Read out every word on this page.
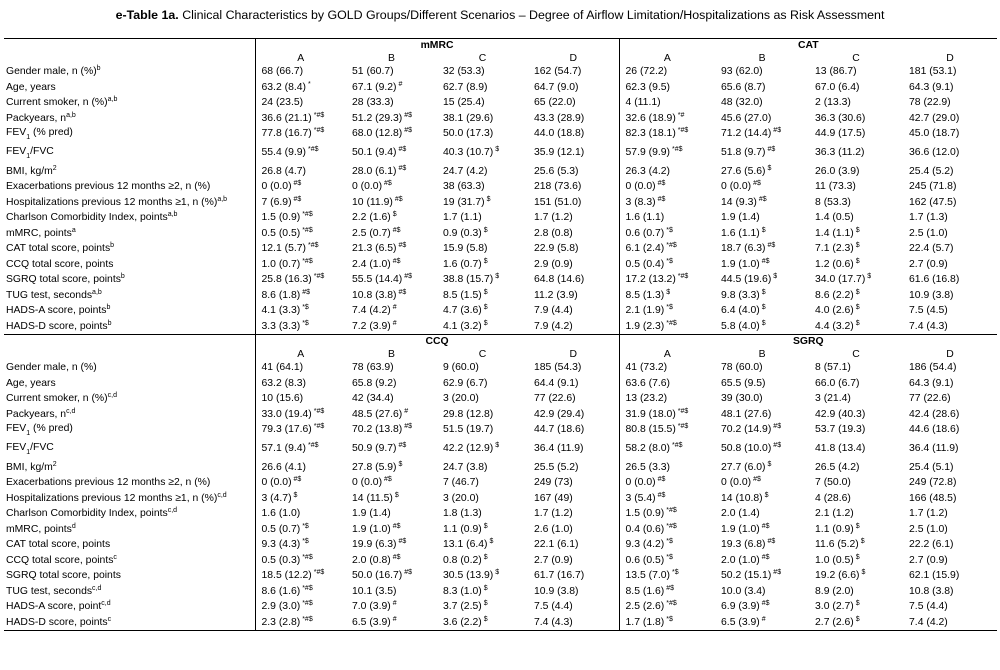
e-Table 1a. Clinical Characteristics by GOLD Groups/Different Scenarios – Degree of Airflow Limitation/Hospitalizations as Risk Assessment
	mMRC				CAT			
	A	B	C	D	A	B	C	D
Gender male, n (%)$^b$	68 (66.7)	51 (60.7)	32 (53.3)	162 (54.7)	26 (72.2)	93 (62.0)	13 (86.7)	181 (53.1)
Age, years	63.2 (8.4) *	67.1 (9.2) #	62.7 (8.9)	64.7 (9.0)	62.3 (9.5)	65.6 (8.7)	67.0 (6.4)	64.3 (9.1)
Current smoker, n (%)$^{a,b}$	24 (23.5)	28 (33.3)	15 (25.4)	65 (22.0)	4 (11.1)	48 (32.0)	2 (13.3)	78 (22.9)
Packyears, $n^{a,b}$	36.6 (21.1) *#$	51.2 (29.3) #$	38.1 (29.6)	43.3 (28.9)	32.6 (18.9) *#	45.6 (27.0)	36.3 (30.6)	42.7 (29.0)
$FEV_1$ (% pred)	77.8 (16.7) *#$	68.0 (12.8) #$	50.0 (17.3)	44.0 (18.8)	82.3 (18.1) *#$	71.2 (14.4) #$	44.9 (17.5)	45.0 (18.7)
$FEV_1$/FVC	55.4 (9.9) *#$	50.1 (9.4) #$	40.3 (10.7) $	35.9 (12.1)	57.9 (9.9) *#$	51.8 (9.7) #$	36.3 (11.2)	36.6 (12.0)
BMI, $kg/m^2$	26.8 (4.7)	28.0 (6.1) #$	24.7 (4.2)	25.6 (5.3)	26.3 (4.2)	27.6 (5.6) $	26.0 (3.9)	25.4 (5.2)
Exacerbations previous 12 months ≥2, n (%)	0 (0.0) #$	0 (0.0) #$	38 (63.3)	218 (73.6)	0 (0.0) #$	0 (0.0) #$	11 (73.3)	245 (71.8)
Hospitalizations previous 12 months ≥1, n (%)$^{a,b}$	7 (6.9) #$	10 (11.9) #$	19 (31.7) $	151 (51.0)	3 (8.3) #$	14 (9.3) #$	8 (53.3)	162 (47.5)
Charlson Comorbidity Index, points$^{a,b}$	1.5 (0.9) *#$	2.2 (1.6) $	1.7 (1.1)	1.7 (1.2)	1.6 (1.1)	1.9 (1.4)	1.4 (0.5)	1.7 (1.3)
mMRC, points$^a$	0.5 (0.5) *#$	2.5 (0.7) #$	0.9 (0.3) $	2.8 (0.8)	0.6 (0.7) *$	1.6 (1.1) $	1.4 (1.1) $	2.5 (1.0)
CAT total score, points$^b$	12.1 (5.7) *#$	21.3 (6.5) #$	15.9 (5.8)	22.9 (5.8)	6.1 (2.4) *#$	18.7 (6.3) #$	7.1 (2.3) $	22.4 (5.7)
CCQ total score, points	1.0 (0.7) *#$	2.4 (1.0) #$	1.6 (0.7) $	2.9 (0.9)	0.5 (0.4) *$	1.9 (1.0) #$	1.2 (0.6) $	2.7 (0.9)
SGRQ total score, points$^b$	25.8 (16.3) *#$	55.5 (14.4) #$	38.8 (15.7) $	64.8 (14.6)	17.2 (13.2) *#$	44.5 (19.6) $	34.0 (17.7) $	61.6 (16.8)
TUG test, seconds$^{a,b}$	8.6 (1.8) #$	10.8 (3.8) #$	8.5 (1.5) $	11.2 (3.9)	8.5 (1.3) $	9.8 (3.3) $	8.6 (2.2) $	10.9 (3.8)
HADS-A score, points$^b$	4.1 (3.3) *$	7.4 (4.2) #	4.7 (3.6) $	7.9 (4.4)	2.1 (1.9) *$	6.4 (4.0) $	4.0 (2.6) $	7.5 (4.5)
HADS-D score, points$^b$	3.3 (3.3) *$	7.2 (3.9) #	4.1 (3.2) $	7.9 (4.2)	1.9 (2.3) *#$	5.8 (4.0) $	4.4 (3.2) $	7.4 (4.3)
	CCQ				SGRQ			
	A	B	C	D	A	B	C	D
Gender male, n (%)	41 (64.1)	78 (63.9)	9 (60.0)	185 (54.3)	41 (73.2)	78 (60.0)	8 (57.1)	186 (54.4)
Age, years	63.2 (8.3)	65.8 (9.2)	62.9 (6.7)	64.4 (9.1)	63.6 (7.6)	65.5 (9.5)	66.0 (6.7)	64.3 (9.1)
Current smoker, n (%)$^{c,d}$	10 (15.6)	42 (34.4)	3 (20.0)	77 (22.6)	13 (23.2)	39 (30.0)	3 (21.4)	77 (22.6)
Packyears, $n^{c,d}$	33.0 (19.4) *#$	48.5 (27.6) #	29.8 (12.8)	42.9 (29.4)	31.9 (18.0) *#$	48.1 (27.6)	42.9 (40.3)	42.4 (28.6)
$FEV_1$ (% pred)	79.3 (17.6) *#$	70.2 (13.8) #$	51.5 (19.7)	44.7 (18.6)	80.8 (15.5) *#$	70.2 (14.9) #$	53.7 (19.3)	44.6 (18.6)
$FEV_1$/FVC	57.1 (9.4) *#$	50.9 (9.7) #$	42.2 (12.9) $	36.4 (11.9)	58.2 (8.0) *#$	50.8 (10.0) #$	41.8 (13.4)	36.4 (11.9)
BMI, $kg/m^2$	26.6 (4.1)	27.8 (5.9) $	24.7 (3.8)	25.5 (5.2)	26.5 (3.3)	27.7 (6.0) $	26.5 (4.2)	25.4 (5.1)
Exacerbations previous 12 months ≥2, n (%)	0 (0.0) #$	0 (0.0) #$	7 (46.7)	249 (73)	0 (0.0) #$	0 (0.0) #$	7 (50.0)	249 (72.8)
Hospitalizations previous 12 months ≥1, n (%)$^{c,d}$	3 (4.7) $	14 (11.5) $	3 (20.0)	167 (49)	3 (5.4) #$	14 (10.8) $	4 (28.6)	166 (48.5)
Charlson Comorbidity Index, points$^{c,d}$	1.6 (1.0)	1.9 (1.4)	1.8 (1.3)	1.7 (1.2)	1.5 (0.9) *#$	2.0 (1.4)	2.1 (1.2)	1.7 (1.2)
mMRC, points$^d$	0.5 (0.7) *$	1.9 (1.0) #$	1.1 (0.9) $	2.6 (1.0)	0.4 (0.6) *#$	1.9 (1.0) #$	1.1 (0.9) $	2.5 (1.0)
CAT total score, points	9.3 (4.3) *$	19.9 (6.3) #$	13.1 (6.4) $	22.1 (6.1)	9.3 (4.2) *$	19.3 (6.8) #$	11.6 (5.2) $	22.2 (6.1)
CCQ total score, points$^c$	0.5 (0.3) *#$	2.0 (0.8) #$	0.8 (0.2) $	2.7 (0.9)	0.6 (0.5) *$	2.0 (1.0) #$	1.0 (0.5) $	2.7 (0.9)
SGRQ total score, points	18.5 (12.2) *#$	50.0 (16.7) #$	30.5 (13.9) $	61.7 (16.7)	13.5 (7.0) *$	50.2 (15.1) #$	19.2 (6.6) $	62.1 (15.9)
TUG test, seconds$^{c,d}$	8.6 (1.6) *#$	10.1 (3.5)	8.3 (1.0) $	10.9 (3.8)	8.5 (1.6) #$	10.0 (3.4)	8.9 (2.0)	10.8 (3.8)
HADS-A score, point$^{c,d}$	2.9 (3.0) *#$	7.0 (3.9) #	3.7 (2.5) $	7.5 (4.4)	2.5 (2.6) *#$	6.9 (3.9) #$	3.0 (2.7) $	7.5 (4.4)
HADS-D score, points$^c$	2.3 (2.8) *#$	6.5 (3.9) #	3.6 (2.2) $	7.4 (4.3)	1.7 (1.8) *$	6.5 (3.9) #	2.7 (2.6) $	7.4 (4.2)
